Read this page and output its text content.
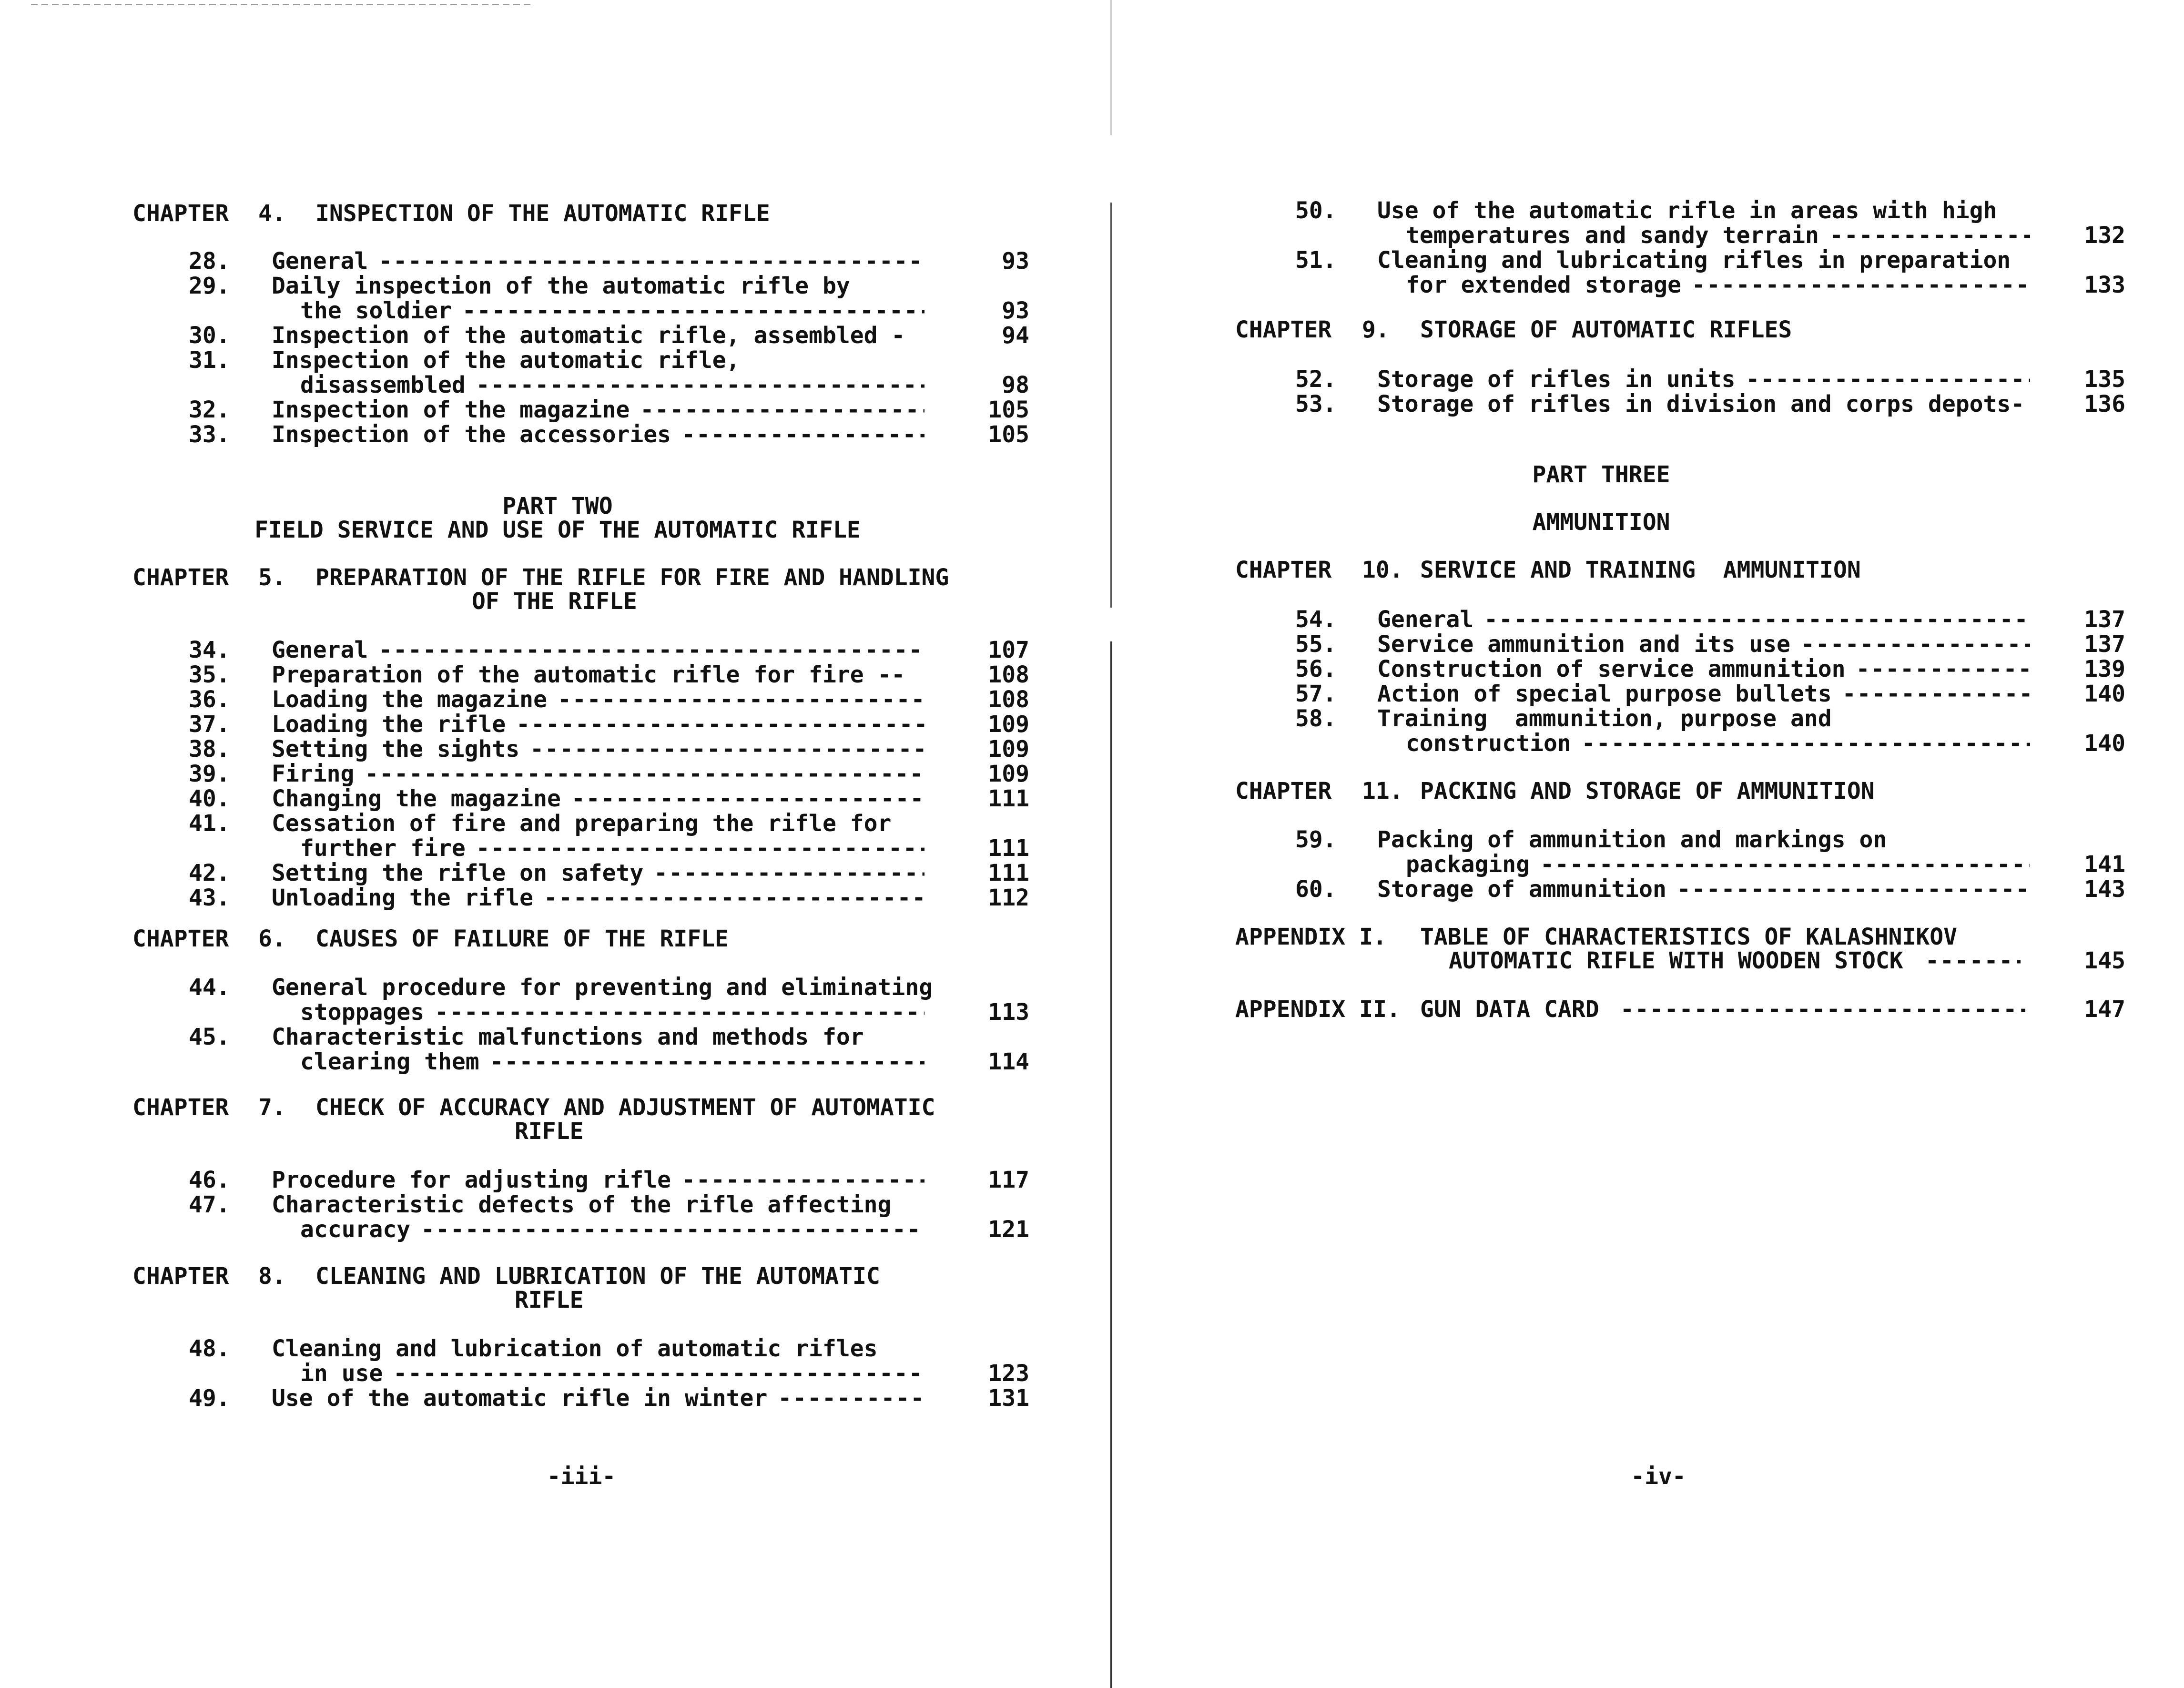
CHAPTER 4. INSPECTION OF THE AUTOMATIC RIFLE
28. General -----	93
29. Daily inspection of the automatic rifle by
the soldier -----	93
30. Inspection of the automatic rifle, assembled -	94
31. Inspection of the automatic rifle,
disassembled -----	98
32. Inspection of the magazine -----	105
33. Inspection of the accessories -----	105
PART TWO
FIELD SERVICE AND USE OF THE AUTOMATIC RIFLE
CHAPTER 5. PREPARATION OF THE RIFLE FOR FIRE AND HANDLING
OF THE RIFLE
34. General -----	107
35. Preparation of the automatic rifle for fire --	108
36. Loading the magazine -----	108
37. Loading the rifle -----	109
38. Setting the sights -----	109
39. Firing -----	109
40. Changing the magazine -----	111
41. Cessation of fire and preparing the rifle for
further fire -----	111
42. Setting the rifle on safety -----	111
43. Unloading the rifle -----	112
CHAPTER 6. CAUSES OF FAILURE OF THE RIFLE
44. General procedure for preventing and eliminating
stoppages -----	113
45. Characteristic malfunctions and methods for
clearing them -----	114
CHAPTER 7. CHECK OF ACCURACY AND ADJUSTMENT OF AUTOMATIC
RIFLE
46. Procedure for adjusting rifle -----	117
47. Characteristic defects of the rifle affecting
accuracy -----	121
CHAPTER 8. CLEANING AND LUBRICATION OF THE AUTOMATIC
RIFLE
48. Cleaning and lubrication of automatic rifles
in use -----	123
49. Use of the automatic rifle in winter -----	131
-iii-
50. Use of the automatic rifle in areas with high
temperatures and sandy terrain -----	132
51. Cleaning and lubricating rifles in preparation
for extended storage -----	133
CHAPTER 9. STORAGE OF AUTOMATIC RIFLES
52. Storage of rifles in units -----	135
53. Storage of rifles in division and corps depots-	136
PART THREE
AMMUNITION
CHAPTER 10. SERVICE AND TRAINING  AMMUNITION
54. General -----	137
55. Service ammunition and its use -----	137
56. Construction of service ammunition -----	139
57. Action of special purpose bullets -----	140
58. Training  ammunition, purpose and
construction -----	140
CHAPTER 11. PACKING AND STORAGE OF AMMUNITION
59. Packing of ammunition and markings on
packaging -----	141
60. Storage of ammunition -----	143
APPENDIX I. TABLE OF CHARACTERISTICS OF KALASHNIKOV
AUTOMATIC RIFLE WITH WOODEN STOCK -----	145
APPENDIX II. GUN DATA CARD -----	147
-iv-
